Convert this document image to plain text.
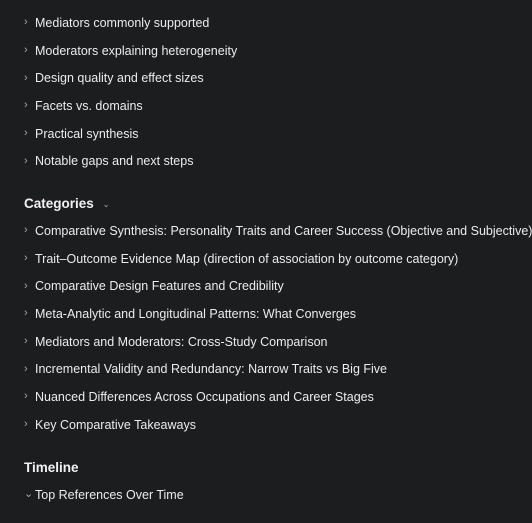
› Mediators commonly supported
› Moderators explaining heterogeneity
› Design quality and effect sizes
› Facets vs. domains
› Practical synthesis
› Notable gaps and next steps
Categories ⌄
› Comparative Synthesis: Personality Traits and Career Success (Objective and Subjective)
› Trait–Outcome Evidence Map (direction of association by outcome category)
› Comparative Design Features and Credibility
› Meta-Analytic and Longitudinal Patterns: What Converges
› Mediators and Moderators: Cross-Study Comparison
› Incremental Validity and Redundancy: Narrow Traits vs Big Five
› Nuanced Differences Across Occupations and Career Stages
› Key Comparative Takeaways
Timeline
⌄ Top References Over Time
